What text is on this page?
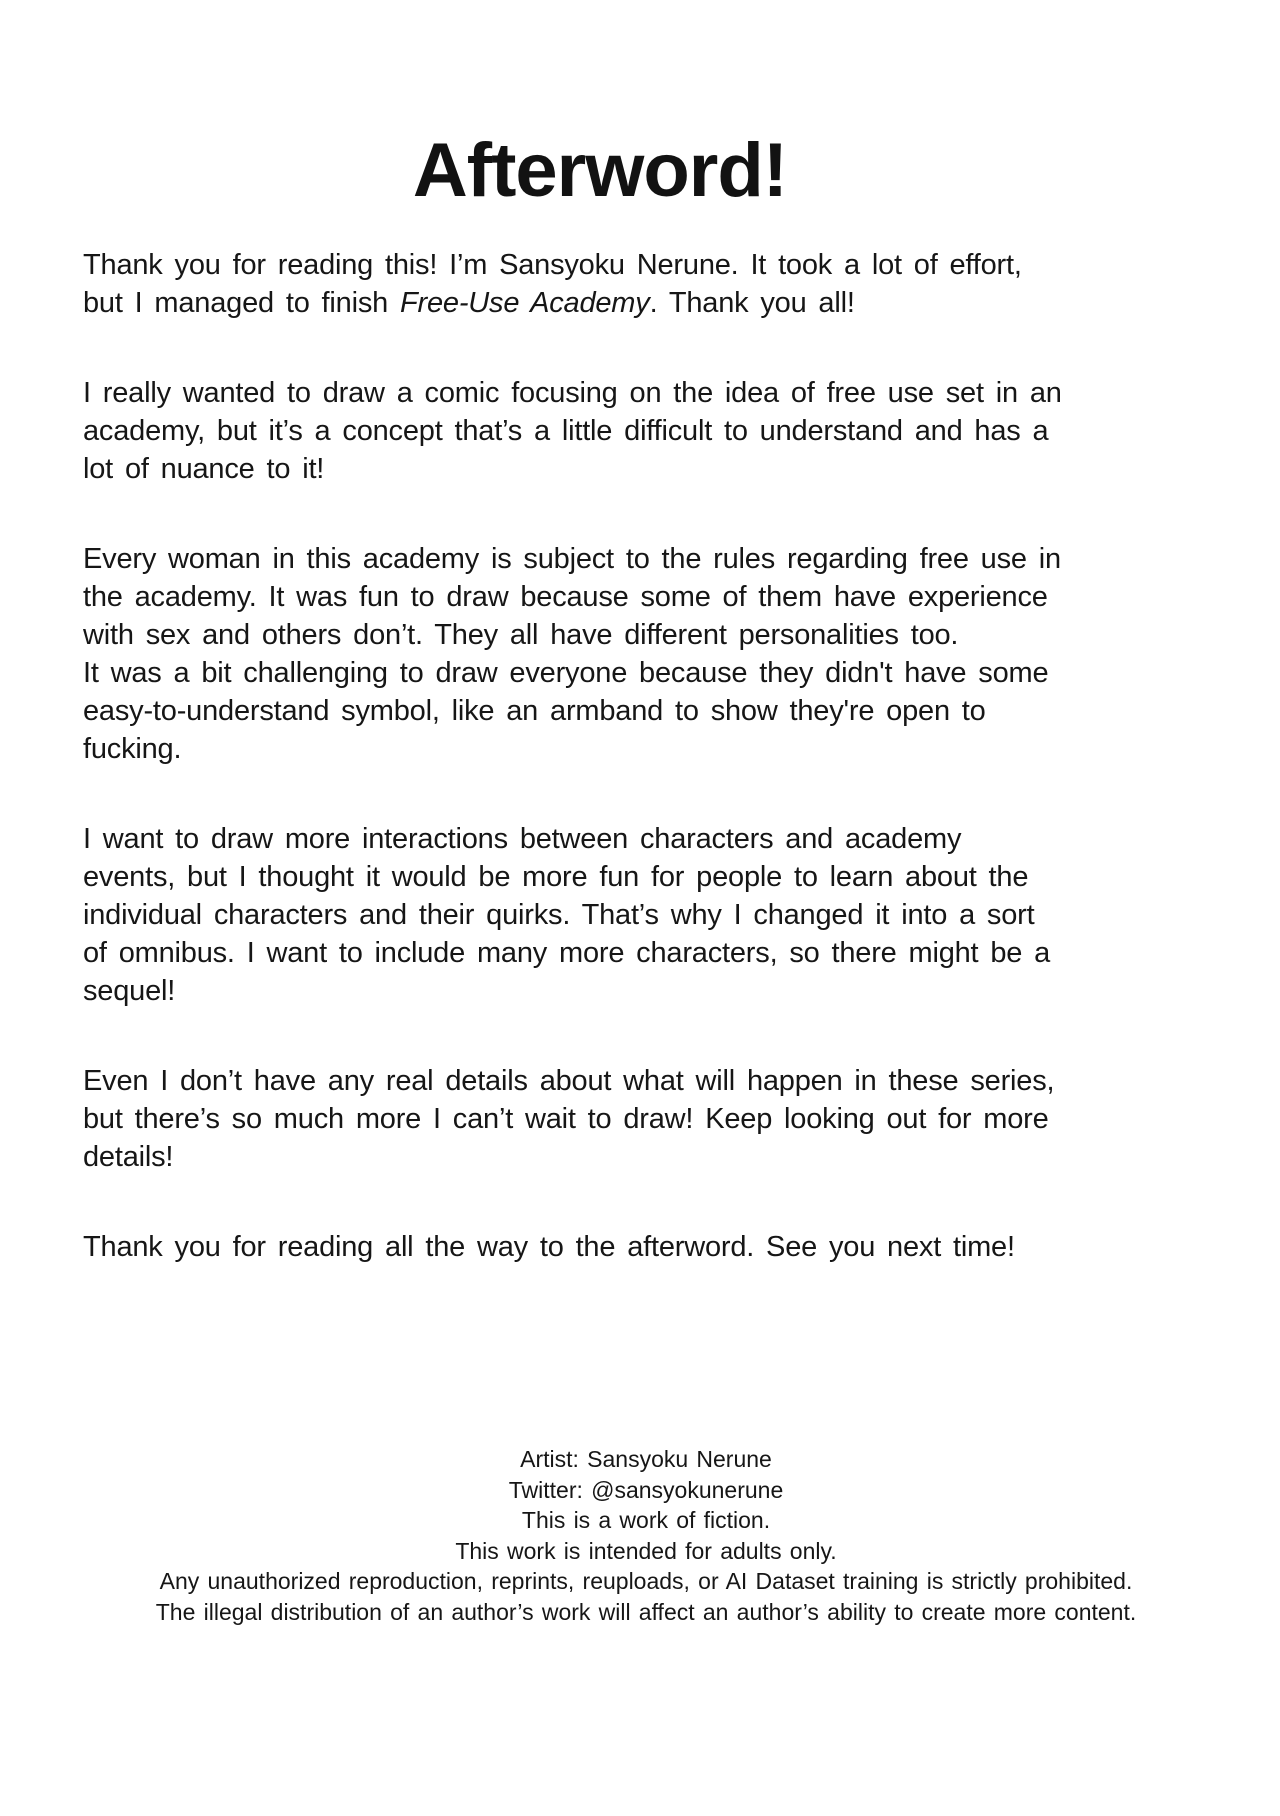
Afterword!
Thank you for reading this! I’m Sansyoku Nerune. It took a lot of effort,
but I managed to finish Free-Use Academy. Thank you all!
I really wanted to draw a comic focusing on the idea of free use set in an
academy, but it’s a concept that’s a little difficult to understand and has a
lot of nuance to it!
Every woman in this academy is subject to the rules regarding free use in
the academy. It was fun to draw because some of them have experience
with sex and others don’t. They all have different personalities too.
It was a bit challenging to draw everyone because they didn't have some
easy-to-understand symbol, like an armband to show they're open to
fucking.
I want to draw more interactions between characters and academy
events, but I thought it would be more fun for people to learn about the
individual characters and their quirks. That’s why I changed it into a sort
of omnibus. I want to include many more characters, so there might be a
sequel!
Even I don’t have any real details about what will happen in these series,
but there’s so much more I can’t wait to draw! Keep looking out for more
details!
Thank you for reading all the way to the afterword. See you next time!
Artist: Sansyoku Nerune
Twitter: @sansyokunerune
This is a work of fiction.
This work is intended for adults only.
Any unauthorized reproduction, reprints, reuploads, or AI Dataset training is strictly prohibited.
The illegal distribution of an author’s work will affect an author’s ability to create more content.
